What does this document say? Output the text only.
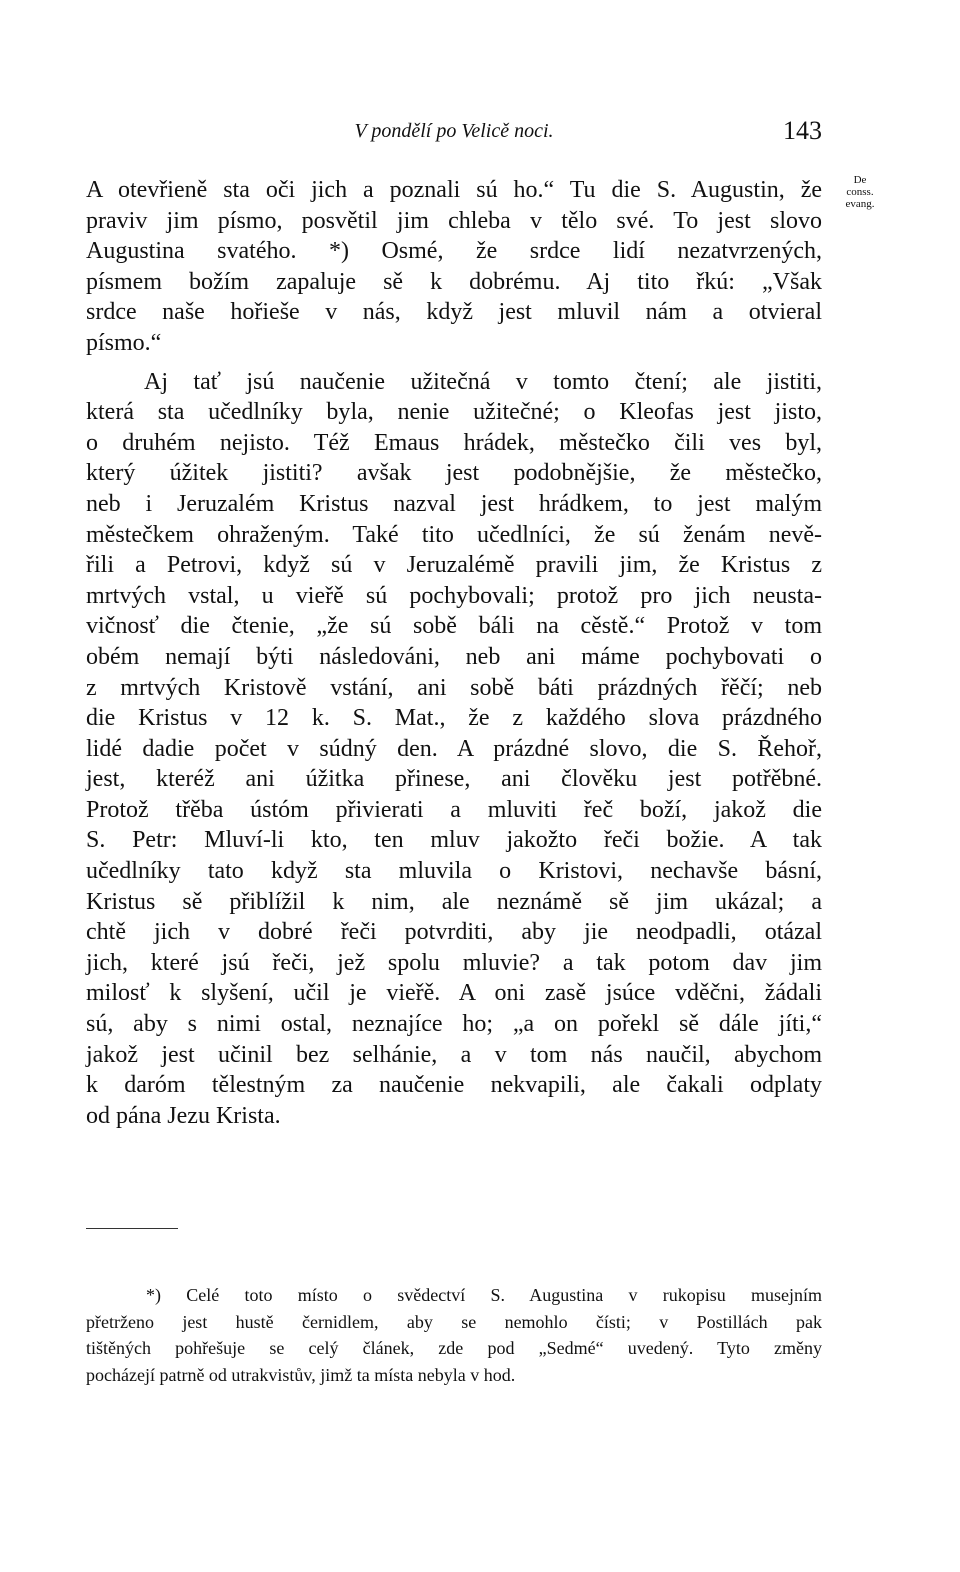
V pondělí po Velicě noci.	143
De
conss.
evang.
A otevřieně sta oči jich a poznali sú ho.“ Tu die S. Augustin, že
praviv jim písmo, posvětil jim chleba v tělo své. To jest slovo
Augustina svatého. *) Osmé, že srdce lidí nezatvrzených,
písmem božím zapaluje sě k dobrému. Aj tito řkú: „Však
srdce naše hořieše v nás, když jest mluvil nám a otvieral
písmo.“
Aj tať jsú naučenie užitečná v tomto čtení; ale jistiti,
která sta učedlníky byla, nenie užitečné; o Kleofas jest jisto,
o druhém nejisto. Též Emaus hrádek, městečko čili ves byl,
který úžitek jistiti? avšak jest podobnějšie, že městečko,
neb i Jeruzalém Kristus nazval jest hrádkem, to jest malým
městečkem ohraženým. Také tito učedlníci, že sú ženám nevě-
řili a Petrovi, když sú v Jeruzalémě pravili jim, že Kristus z
mrtvých vstal, u vieřě sú pochybovali; protož pro jich neusta-
vičnosť die čtenie, „že sú sobě báli na cěstě.“ Protož v tom
obém nemají býti následováni, neb ani máme pochybovati o
z mrtvých Kristově vstání, ani sobě báti prázdných řěčí; neb
die Kristus v 12 k. S. Mat., že z každého slova prázdného
lidé dadie počet v súdný den. A prázdné slovo, die S. Řehoř,
jest, kteréž ani úžitka přinese, ani člověku jest potřěbné.
Protož třěba ústóm přivierati a mluviti řeč boží, jakož die
S. Petr: Mluví-li kto, ten mluv jakožto řeči božie. A tak
učedlníky tato když sta mluvila o Kristovi, nechavše básní,
Kristus sě přiblížil k nim, ale neznámě sě jim ukázal; a
chtě jich v dobré řeči potvrditi, aby jie neodpadli, otázal
jich, které jsú řeči, jež spolu mluvie? a tak potom dav jim
milosť k slyšení, učil je vieřě. A oni zasě jsúce vděčni, žádali
sú, aby s nimi ostal, neznajíce ho; „a on pořekl sě dále jíti,“
jakož jest učinil bez selhánie, a v tom nás naučil, abychom
k daróm tělestným za naučenie nekvapili, ale čakali odplaty
od pána Jezu Krista.
*) Celé toto místo o svědectví S. Augustina v rukopisu musejním
přetrženo jest hustě černidlem, aby se nemohlo čísti; v Postillách pak
tištěných pohřešuje se celý článek, zde pod „Sedmé“ uvedený. Tyto změny
pocházejí patrně od utrakvistův, jimž ta místa nebyla v hod.
